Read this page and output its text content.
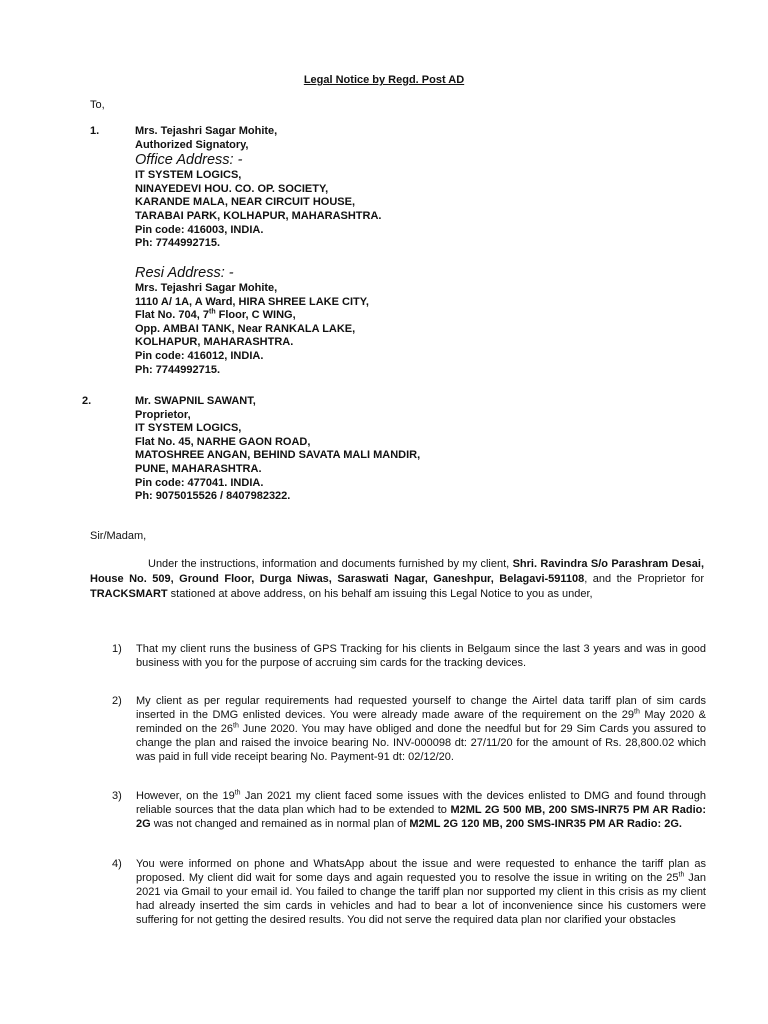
Legal Notice by Regd. Post AD
To,
1.	Mrs. Tejashri Sagar Mohite,
Authorized Signatory,
Office Address: -
IT SYSTEM LOGICS,
NINAYEDEVI HOU. CO. OP. SOCIETY,
KARANDE MALA, NEAR CIRCUIT HOUSE,
TARABAI PARK, KOLHAPUR, MAHARASHTRA.
Pin code: 416003, INDIA.
Ph: 7744992715.
Resi Address: -
Mrs. Tejashri Sagar Mohite,
1110 A/ 1A, A Ward, HIRA SHREE LAKE CITY,
Flat No. 704, 7th Floor, C WING,
Opp. AMBAI TANK, Near RANKALA LAKE,
KOLHAPUR, MAHARASHTRA.
Pin code: 416012, INDIA.
Ph: 7744992715.
2.	Mr. SWAPNIL SAWANT,
Proprietor,
IT SYSTEM LOGICS,
Flat No. 45, NARHE GAON ROAD,
MATOSHREE ANGAN, BEHIND SAVATA MALI MANDIR,
PUNE, MAHARASHTRA.
Pin code: 477041. INDIA.
Ph: 9075015526 / 8407982322.
Sir/Madam,
Under the instructions, information and documents furnished by my client, Shri. Ravindra S/o Parashram Desai, House No. 509, Ground Floor, Durga Niwas, Saraswati Nagar, Ganeshpur, Belagavi-591108, and the Proprietor for TRACKSMART stationed at above address, on his behalf am issuing this Legal Notice to you as under,
1) That my client runs the business of GPS Tracking for his clients in Belgaum since the last 3 years and was in good business with you for the purpose of accruing sim cards for the tracking devices.
2) My client as per regular requirements had requested yourself to change the Airtel data tariff plan of sim cards inserted in the DMG enlisted devices. You were already made aware of the requirement on the 29th May 2020 & reminded on the 26th June 2020. You may have obliged and done the needful but for 29 Sim Cards you assured to change the plan and raised the invoice bearing No. INV-000098 dt: 27/11/20 for the amount of Rs. 28,800.02 which was paid in full vide receipt bearing No. Payment-91 dt: 02/12/20.
3) However, on the 19th Jan 2021 my client faced some issues with the devices enlisted to DMG and found through reliable sources that the data plan which had to be extended to M2ML 2G 500 MB, 200 SMS-INR75 PM AR Radio: 2G was not changed and remained as in normal plan of M2ML 2G 120 MB, 200 SMS-INR35 PM AR Radio: 2G.
4) You were informed on phone and WhatsApp about the issue and were requested to enhance the tariff plan as proposed. My client did wait for some days and again requested you to resolve the issue in writing on the 25th Jan 2021 via Gmail to your email id. You failed to change the tariff plan nor supported my client in this crisis as my client had already inserted the sim cards in vehicles and had to bear a lot of inconvenience since his customers were suffering for not getting the desired results. You did not serve the required data plan nor clarified your obstacles
